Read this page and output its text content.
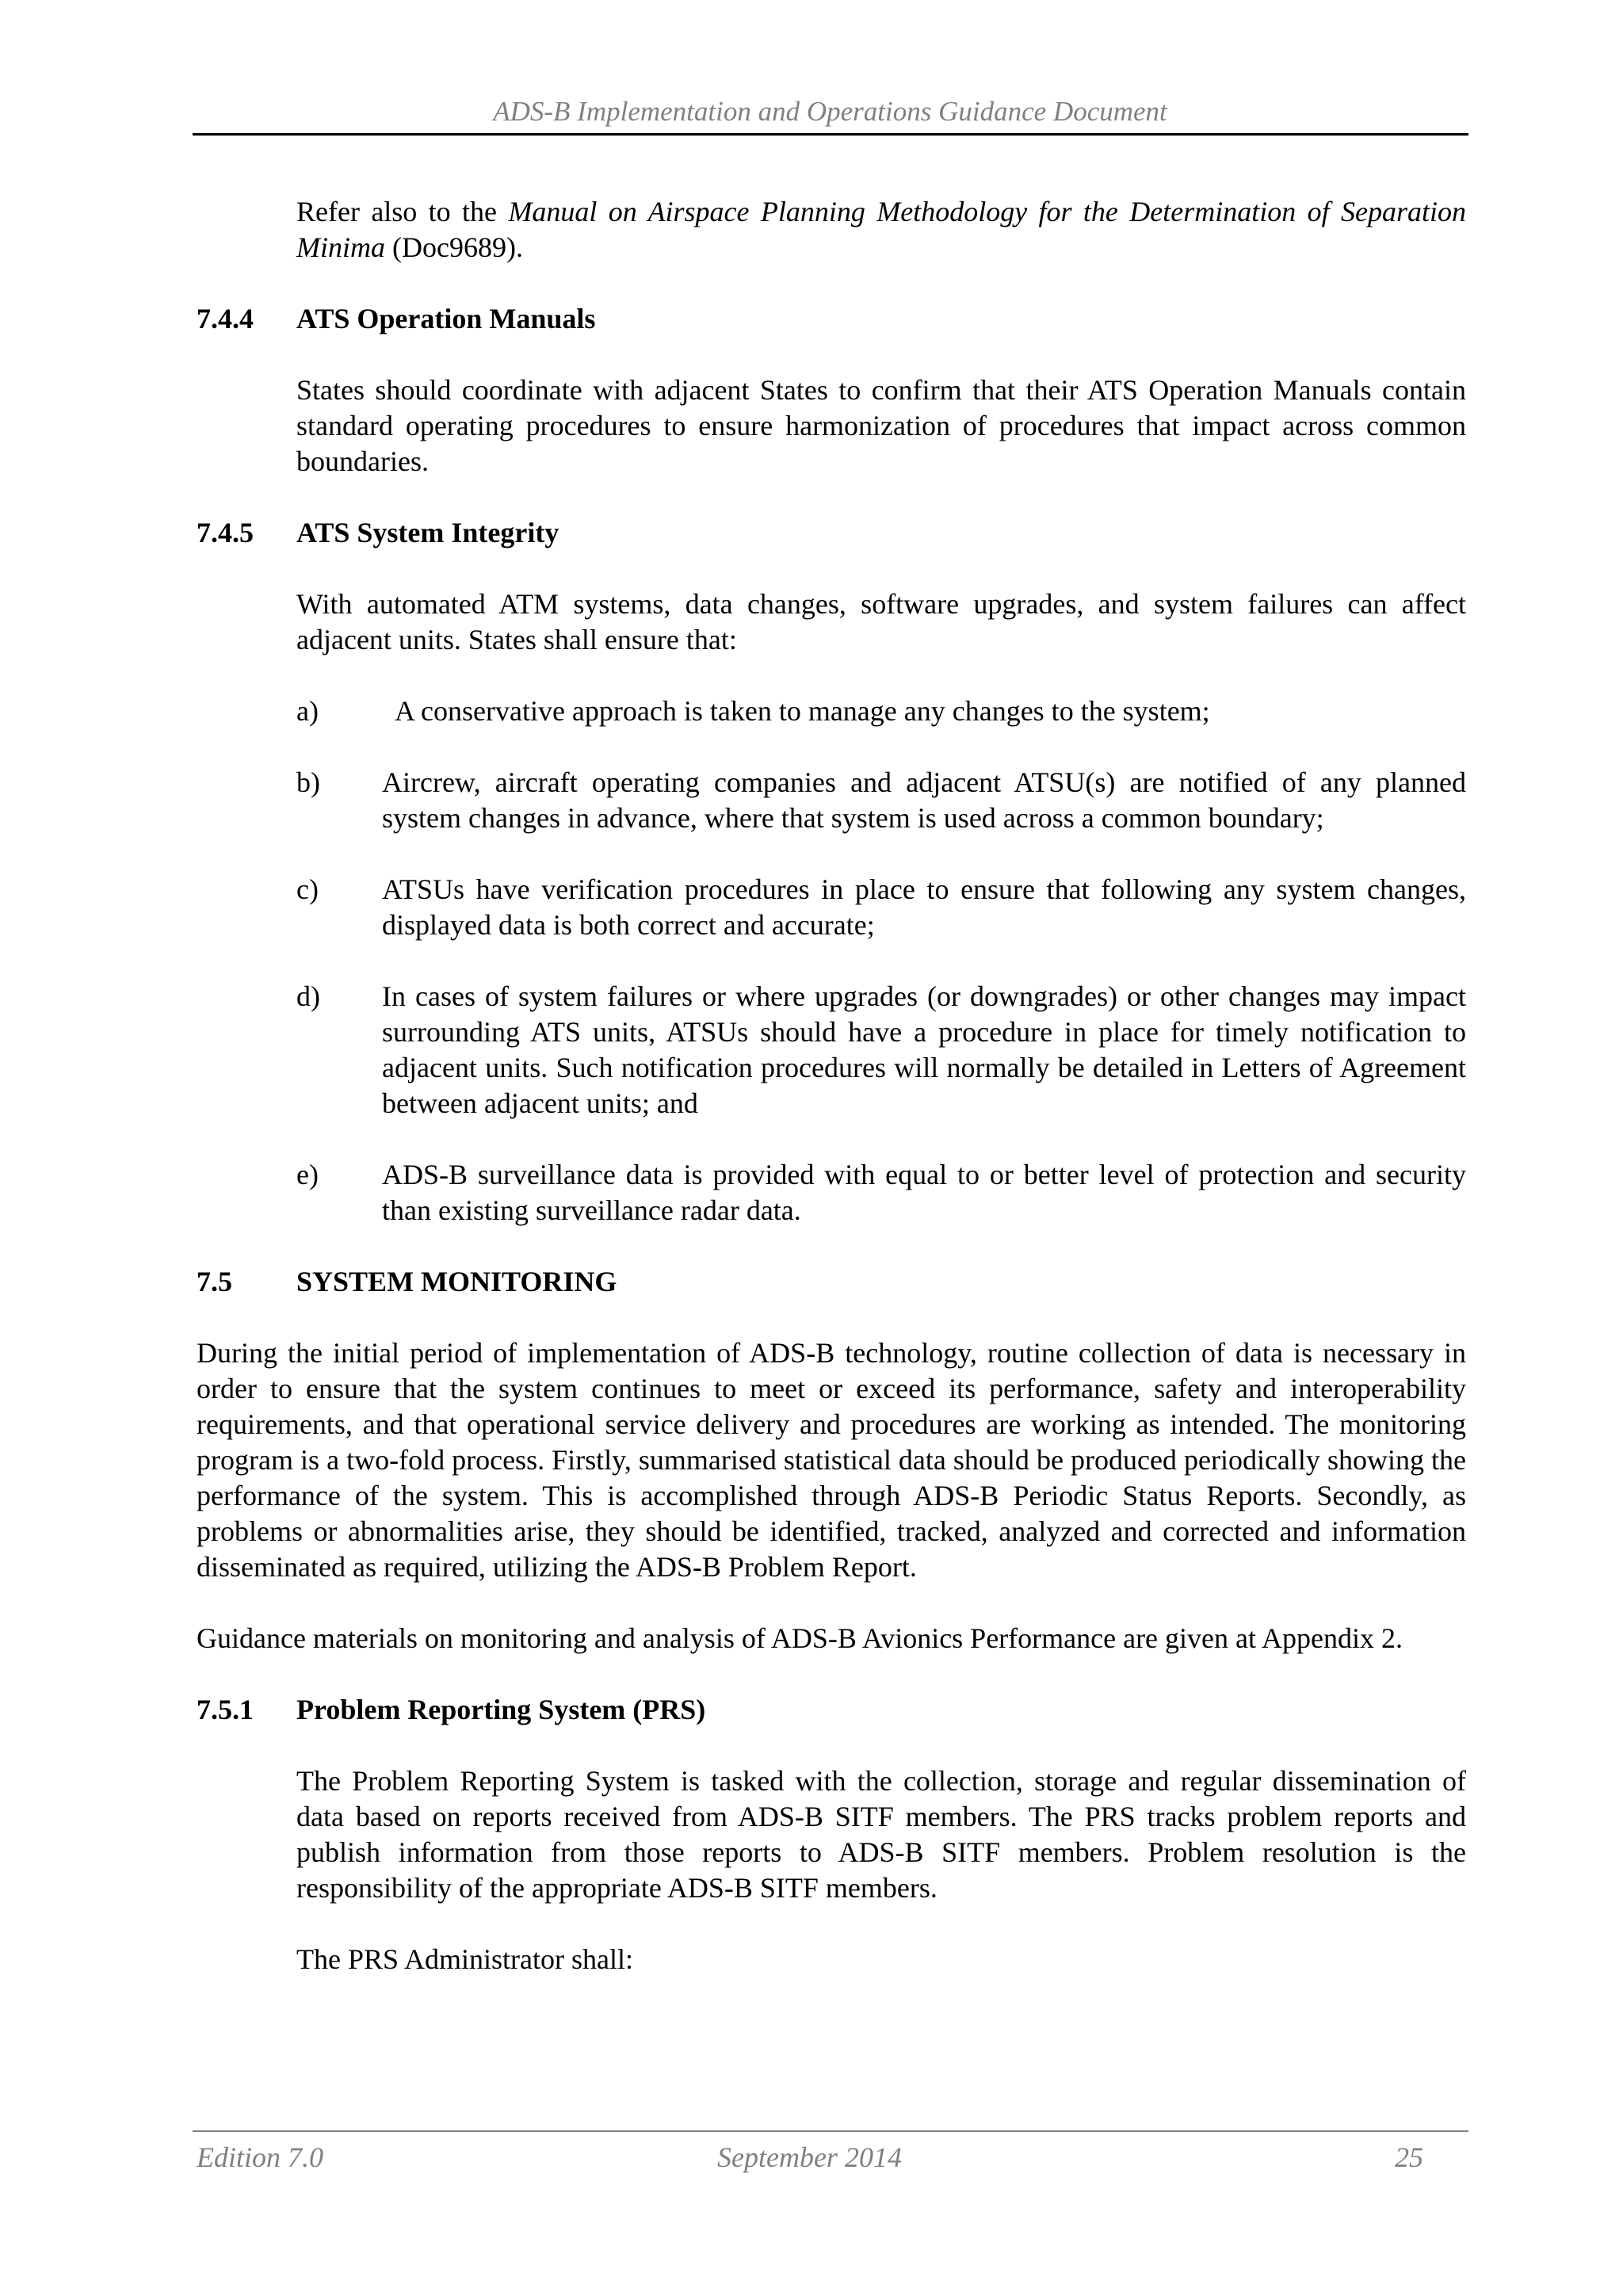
ADS-B Implementation and Operations Guidance Document

Refer also to the Manual on Airspace Planning Methodology for the Determination of Separation Minima (Doc9689).

7.4.4	ATS Operation Manuals

States should coordinate with adjacent States to confirm that their ATS Operation Manuals contain standard operating procedures to ensure harmonization of procedures that impact across common boundaries.

7.4.5	ATS System Integrity

With automated ATM systems, data changes, software upgrades, and system failures can affect adjacent units. States shall ensure that:

a)	A conservative approach is taken to manage any changes to the system;
b)	Aircrew, aircraft operating companies and adjacent ATSU(s) are notified of any planned system changes in advance, where that system is used across a common boundary;
c)	ATSUs have verification procedures in place to ensure that following any system changes, displayed data is both correct and accurate;
d)	In cases of system failures or where upgrades (or downgrades) or other changes may impact surrounding ATS units, ATSUs should have a procedure in place for timely notification to adjacent units. Such notification procedures will normally be detailed in Letters of Agreement between adjacent units; and
e)	ADS-B surveillance data is provided with equal to or better level of protection and security than existing surveillance radar data.
7.5	SYSTEM MONITORING

During the initial period of implementation of ADS-B technology, routine collection of data is necessary in order to ensure that the system continues to meet or exceed its performance, safety and interoperability requirements, and that operational service delivery and procedures are working as intended. The monitoring program is a two-fold process. Firstly, summarised statistical data should be produced periodically showing the performance of the system. This is accomplished through ADS-B Periodic Status Reports. Secondly, as problems or abnormalities arise, they should be identified, tracked, analyzed and corrected and information disseminated as required, utilizing the ADS-B Problem Report.

Guidance materials on monitoring and analysis of ADS-B Avionics Performance are given at Appendix 2.

7.5.1	Problem Reporting System (PRS)

The Problem Reporting System is tasked with the collection, storage and regular dissemination of data based on reports received from ADS-B SITF members. The PRS tracks problem reports and publish information from those reports to ADS-B SITF members. Problem resolution is the responsibility of the appropriate ADS-B SITF members.

The PRS Administrator shall:

Edition 7.0	September 2014	25
